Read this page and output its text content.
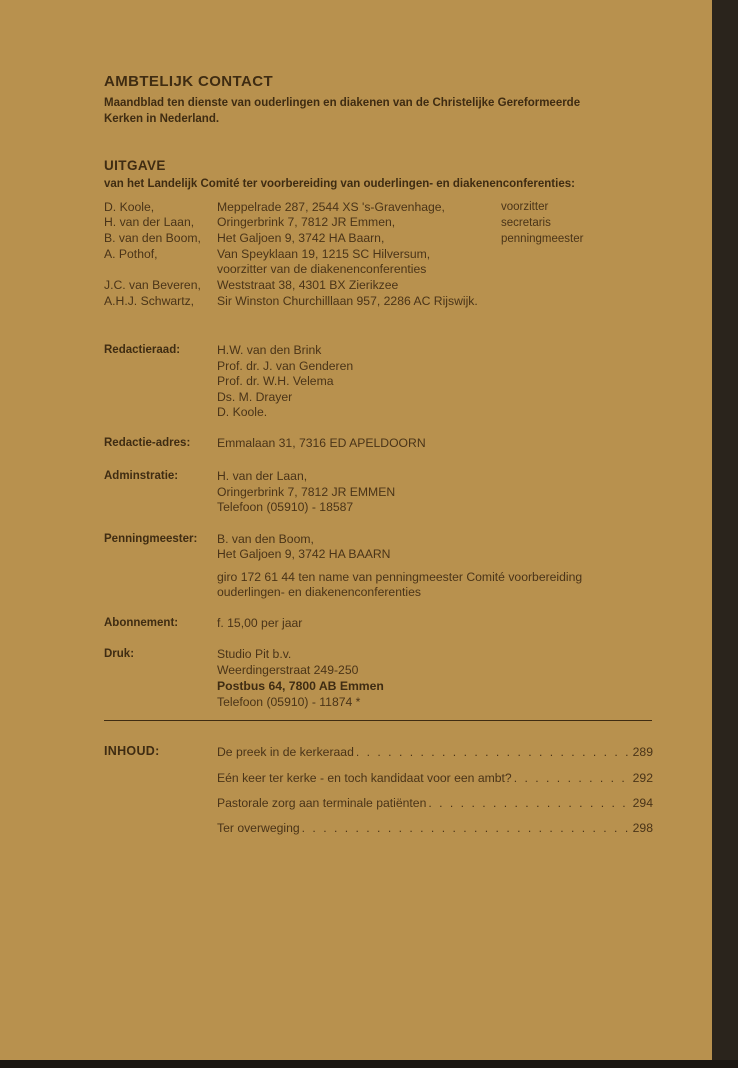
AMBTELIJK CONTACT
Maandblad ten dienste van ouderlingen en diakenen van de Christelijke Gereformeerde
Kerken in Nederland.
UITGAVE
van het Landelijk Comité ter voorbereiding van ouderlingen- en diakenenconferenties:
D. Koole,	Meppelrade 287, 2544 XS 's-Gravenhage,	voorzitter
H. van der Laan, Oringerbrink 7, 7812 JR Emmen,	secretaris
B. van den Boom, Het Galjoen 9, 3742 HA Baarn,	penningmeester
A. Pothof,	Van Speyklaan 19, 1215 SC Hilversum,
voorzitter van de diakenenconferenties
J.C. van Beveren, Weststraat 38, 4301 BX Zierikzee
A.H.J. Schwartz, Sir Winston Churchilllaan 957, 2286 AC Rijswijk.
Redactieraad:	H.W. van den Brink
Prof. dr. J. van Genderen
Prof. dr. W.H. Velema
Ds. M. Drayer
D. Koole.
Redactie-adres: Emmalaan 31, 7316 ED APELDOORN
Adminstratie:	H. van der Laan,
Oringerbrink 7, 7812 JR EMMEN
Telefoon (05910) - 18587
Penningmeester: B. van den Boom,
Het Galjoen 9, 3742 HA BAARN
giro 172 61 44 ten name van penningmeester Comité voorbereiding
ouderlingen- en diakenenconferenties
Abonnement:	f. 15,00 per jaar
Druk:	Studio Pit b.v.
Weerdingerstraat 249-250
Postbus 64, 7800 AB Emmen
Telefoon (05910) - 11874 *
INHOUD:	De preek in de kerkeraad . . .	289
Eén keer ter kerke - en toch kandidaat voor een ambt? . . .	292
Pastorale zorg aan terminale patiënten . . .	294
Ter overweging . . .	298
